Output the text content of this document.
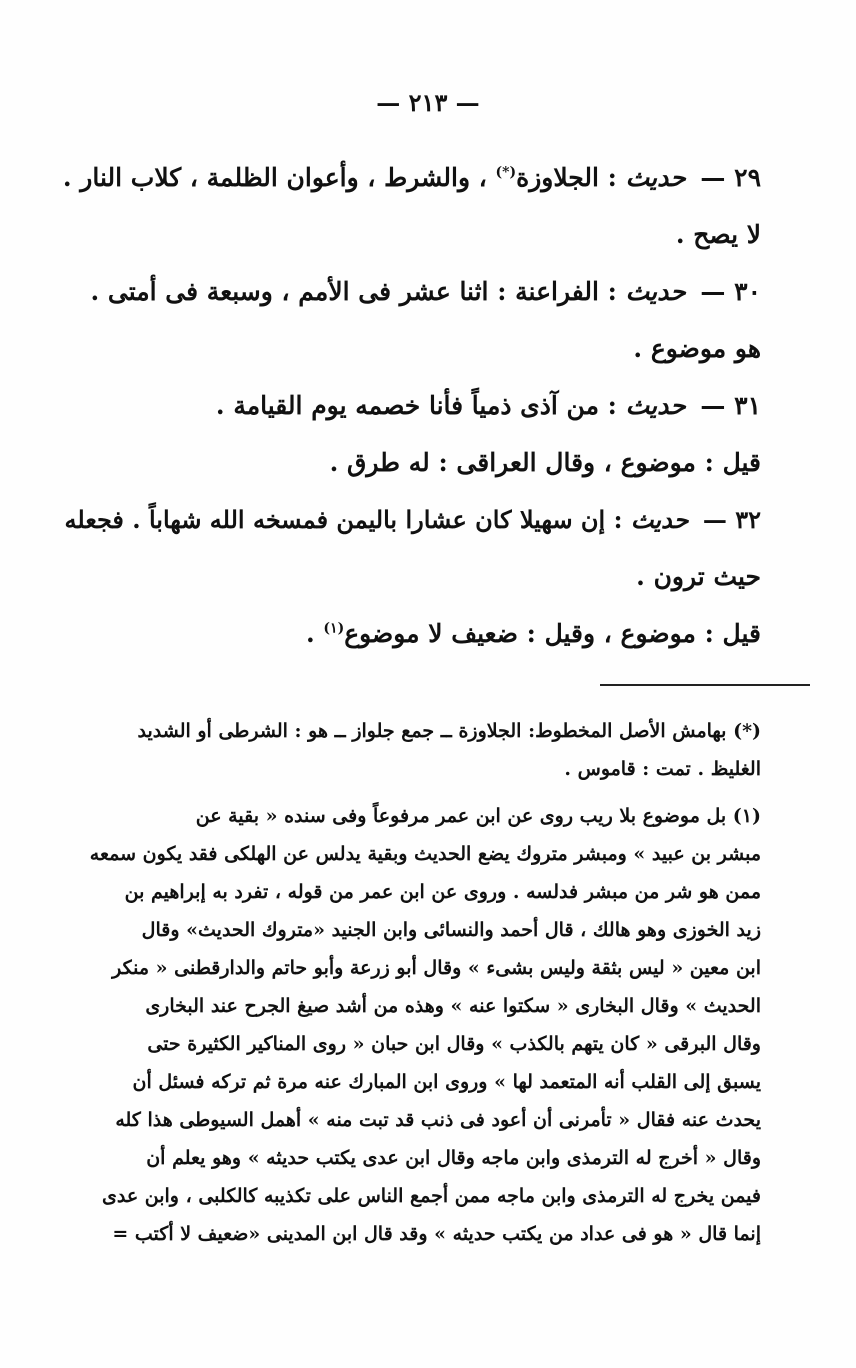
— ٢١٣ —
٢٩ — حديث : الجلاوزة(*) ، والشرط ، وأعوان الظلمة ، كلاب النار .
لا يصح .
٣٠ — حديث : الفراعنة : اثنا عشر فى الأمم ، وسبعة فى أمتى .
هو موضوع .
٣١ — حديث : من آذى ذمياً فأنا خصمه يوم القيامة .
قيل : موضوع ، وقال العراقى : له طرق .
٣٢ — حديث : إن سهيلا كان عشارا باليمن فمسخه الله شهاباً . فجعله
حيث ترون .
قيل : موضوع ، وقيل : ضعيف لا موضوع$^{(١)}$ .
(*) بهامش الأصل المخطوط: الجلاوزة ــ جمع جلواز ــ هو : الشرطى أو الشديد
الغليظ . تمت : قاموس .
(١) بل موضوع بلا ريب روى عن ابن عمر مرفوعاً وفى سنده « بقية عن
مبشر بن عبيد » ومبشر متروك يضع الحديث وبقية يدلس عن الهلكى فقد يكون سمعه
ممن هو شر من مبشر فدلسه . وروى عن ابن عمر من قوله ، تفرد به إبراهيم بن
زيد الخوزى وهو هالك ، قال أحمد والنسائى وابن الجنيد «متروك الحديث» وقال
ابن معين « ليس بثقة وليس بشىء » وقال أبو زرعة وأبو حاتم والدارقطنى « منكر
الحديث » وقال البخارى « سكتوا عنه » وهذه من أشد صيغ الجرح عند البخارى
وقال البرقى « كان يتهم بالكذب » وقال ابن حبان « روى المناكير الكثيرة حتى
يسبق إلى القلب أنه المتعمد لها » وروى ابن المبارك عنه مرة ثم تركه فسئل أن
يحدث عنه فقال « تأمرنى أن أعود فى ذنب قد تبت منه » أهمل السيوطى هذا كله
وقال « أخرج له الترمذى وابن ماجه وقال ابن عدى يكتب حديثه » وهو يعلم أن
فيمن يخرج له الترمذى وابن ماجه ممن أجمع الناس على تكذيبه كالكلبى ، وابن عدى
إنما قال « هو فى عداد من يكتب حديثه » وقد قال ابن المدينى «ضعيف لا أكتب =
